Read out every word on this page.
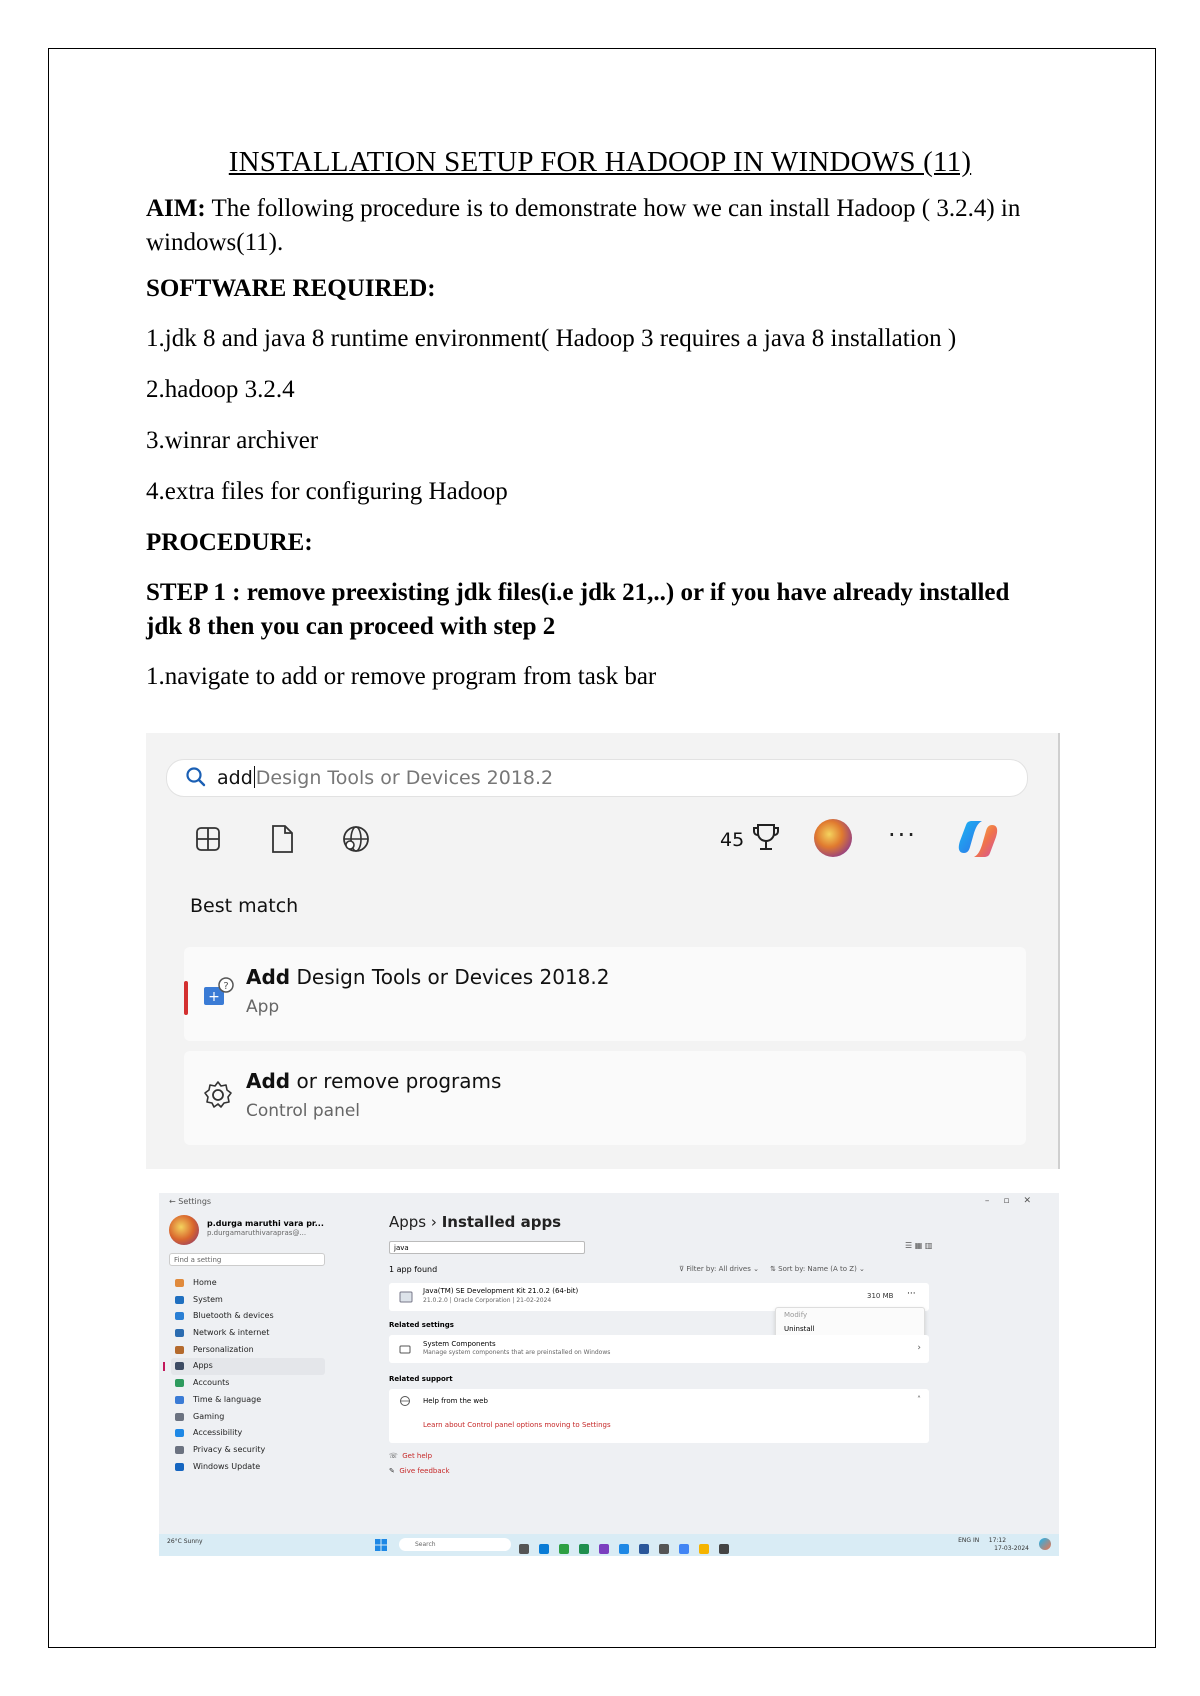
INSTALLATION SETUP FOR HADOOP IN WINDOWS (11)
AIM: The following procedure is to demonstrate how we can install Hadoop ( 3.2.4) in windows(11).
SOFTWARE REQUIRED:
1.jdk 8 and java 8 runtime environment( Hadoop 3 requires a java 8 installation )
2.hadoop 3.2.4
3.winrar archiver
4.extra files for configuring Hadoop
PROCEDURE:
STEP 1 : remove preexisting jdk files(i.e jdk 21,..) or if you have already installed jdk 8 then you can proceed with step 2
1.navigate to add or remove program from task bar
add Design Tools or Devices 2018.2
45	···
Best match
+
? Add Design Tools or Devices 2018.2
App
Add or remove programs
Control panel
← Settings	–▫✕
p.durga maruthi vara pr...
p.durgamaruthivarapras@...
Find a setting
Home
System
Bluetooth & devices
Network & internet
Personalization
Apps
Accounts
Time & language
Gaming
Accessibility
Privacy & security
Windows Update
Apps › Installed apps
java	☰ ▦ ▥
1 app found	⊽ Filter by: All drives ⌄     ⇅ Sort by: Name (A to Z) ⌄
Java(TM) SE Development Kit 21.0.2 (64-bit)
21.0.2.0 | Oracle Corporation | 21-02-2024
310 MB ···
Modify
Uninstall
Related settings
System Components
Manage system components that are preinstalled on Windows	›
Related support
Help from the web	˄
Learn about Control panel options moving to Settings
☏ Get help
✎ Give feedback
26°C Sunny	Search
ENG IN 17:12
17-03-2024
